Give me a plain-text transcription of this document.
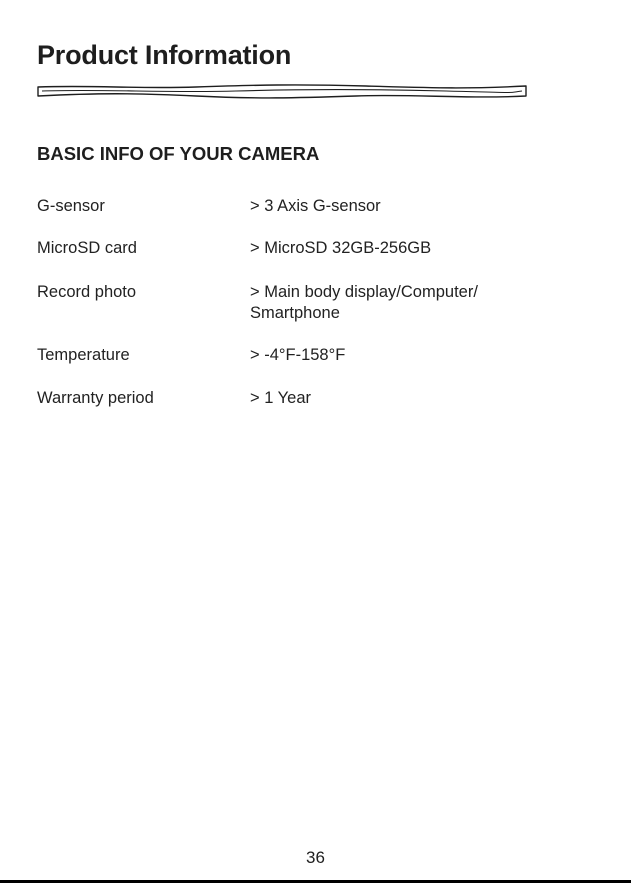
Product Information
BASIC INFO OF YOUR CAMERA
G-sensor	> 3 Axis G-sensor
MicroSD card	> MicroSD 32GB-256GB
Record photo	> Main body display/Computer/ Smartphone
Temperature	> -4°F-158°F
Warranty period	> 1 Year
36
